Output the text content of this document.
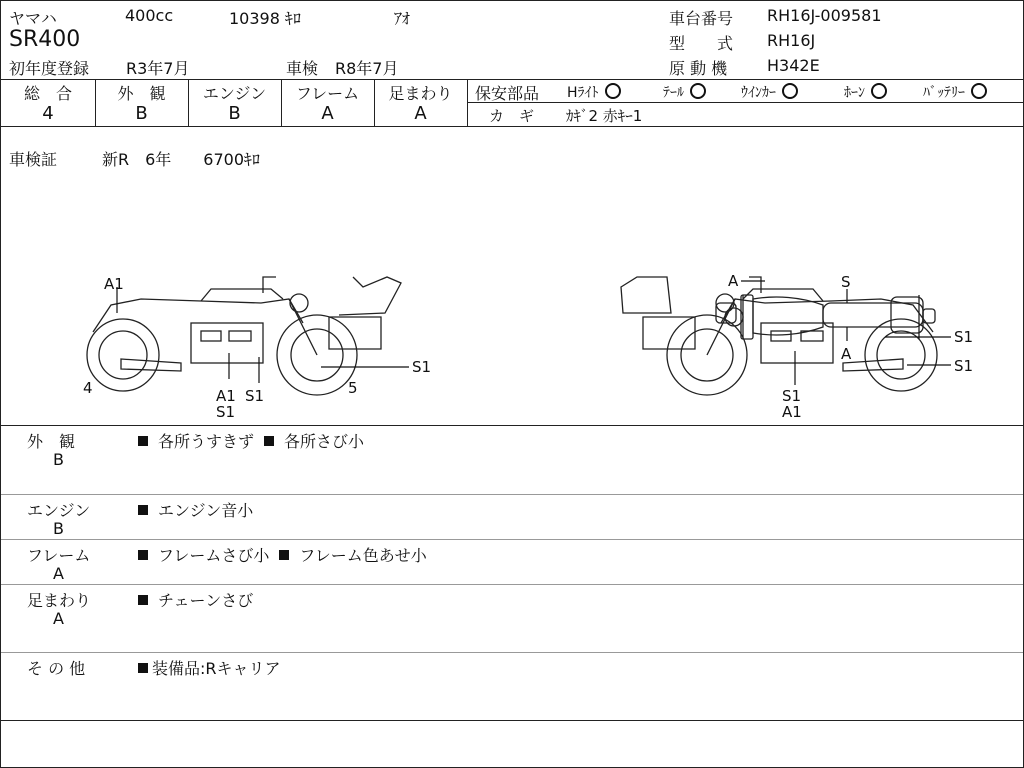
ヤマハ	400cc	10398 ｷﾛ	ｱｵ
SR400
初年度登録 R3年7月	車検 R8年7月
車台番号 RH16J-009581
型　　式 RH16J
原 動 機 H342E
総　合	外　観	エンジン	フレーム	足まわり
4	B	B	A	A
保安部品 Hﾗｲﾄ	ﾃｰﾙ	ｳｲﾝｶｰ	ﾎｰﾝ	ﾊﾞｯﾃﾘｰ
カ　ギ ｶｷﾞ2 赤ｷｰ1
車検証	新R　6年　　6700ｷﾛ
S
A
A1
4	A1 S1
S1
5
S1
A
S1
S1
S1
A1
外　観
B
各所うすきず 各所さび小
エンジン
B
エンジン音小
フレーム
A
フレームさび小 フレーム色あせ小
足まわり
A
チェーンさび
そ の 他	装備品:Rキャリア
